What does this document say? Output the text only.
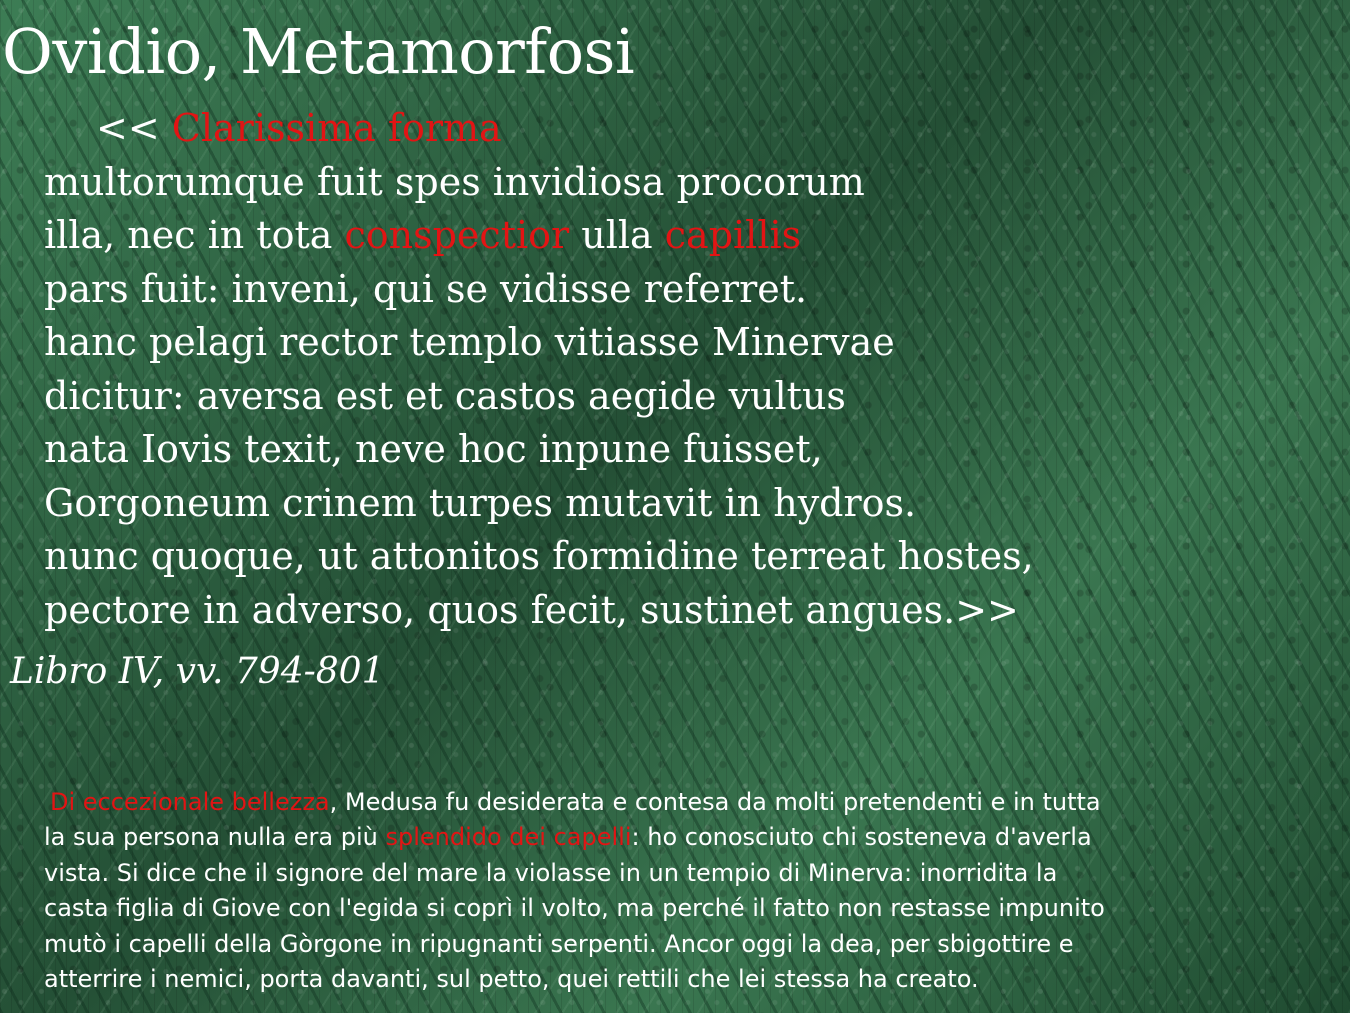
Ovidio, Metamorfosi
<< Clarissima forma
multorumque fuit spes invidiosa procorum
illa, nec in tota conspectior ulla capillis
pars fuit: inveni, qui se vidisse referret.
hanc pelagi rector templo vitiasse Minervae
dicitur: aversa est et castos aegide vultus
nata Iovis texit, neve hoc inpune fuisset,
Gorgoneum crinem turpes mutavit in hydros.
nunc quoque, ut attonitos formidine terreat hostes,
pectore in adverso, quos fecit, sustinet angues.>>
Libro IV, vv. 794-801
Di eccezionale bellezza, Medusa fu desiderata e contesa da molti pretendenti e in tutta
la sua persona nulla era più splendido dei capelli: ho conosciuto chi sosteneva d'averla
vista. Si dice che il signore del mare la violasse in un tempio di Minerva: inorridita la
casta figlia di Giove con l'egida si coprì il volto, ma perché il fatto non restasse impunito
mutò i capelli della Gòrgone in ripugnanti serpenti. Ancor oggi la dea, per sbigottire e
atterrire i nemici, porta davanti, sul petto, quei rettili che lei stessa ha creato.
